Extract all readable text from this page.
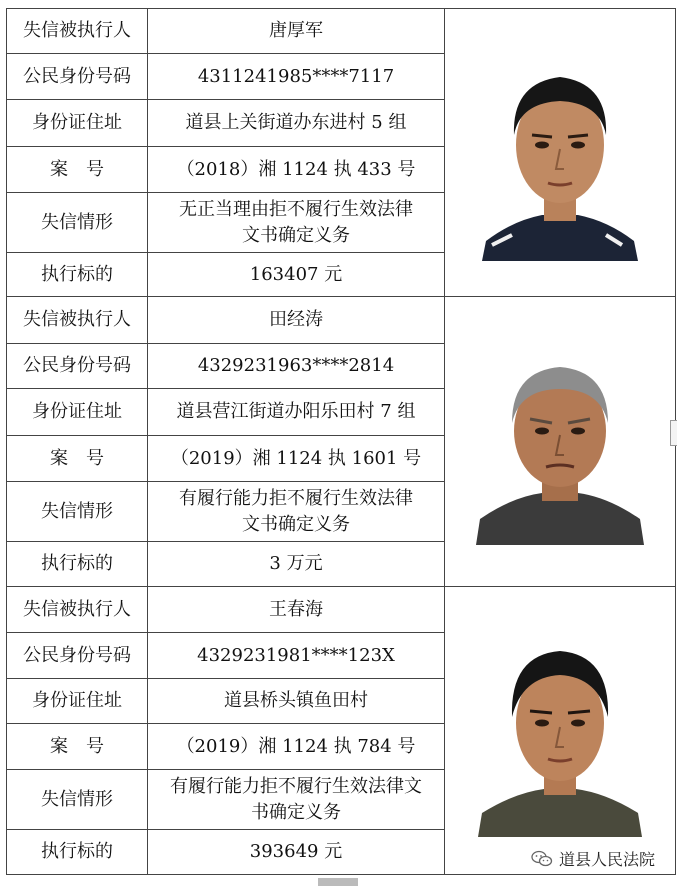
失信被执行人	唐厚军	

公民身份号码	4311241985****7117	
身份证住址	道县上关街道办东进村 5 组	
案　号	（2018）湘 1124 执 433 号	
失信情形	无正当理由拒不履行生效法律
文书确定义务	

执行标的	163407 元	
失信被执行人	田经涛	

公民身份号码	4329231963****2814	
身份证住址	道县营江街道办阳乐田村 7 组	
案　号	（2019）湘 1124 执 1601 号	
失信情形	有履行能力拒不履行生效法律
文书确定义务	

执行标的	3 万元	
失信被执行人	王春海	

公民身份号码	4329231981****123X	
身份证住址	道县桥头镇鱼田村	
案　号	（2019）湘 1124 执 784 号	
失信情形	有履行能力拒不履行生效法律文
书确定义务	

执行标的	393649 元		道县人民法院
